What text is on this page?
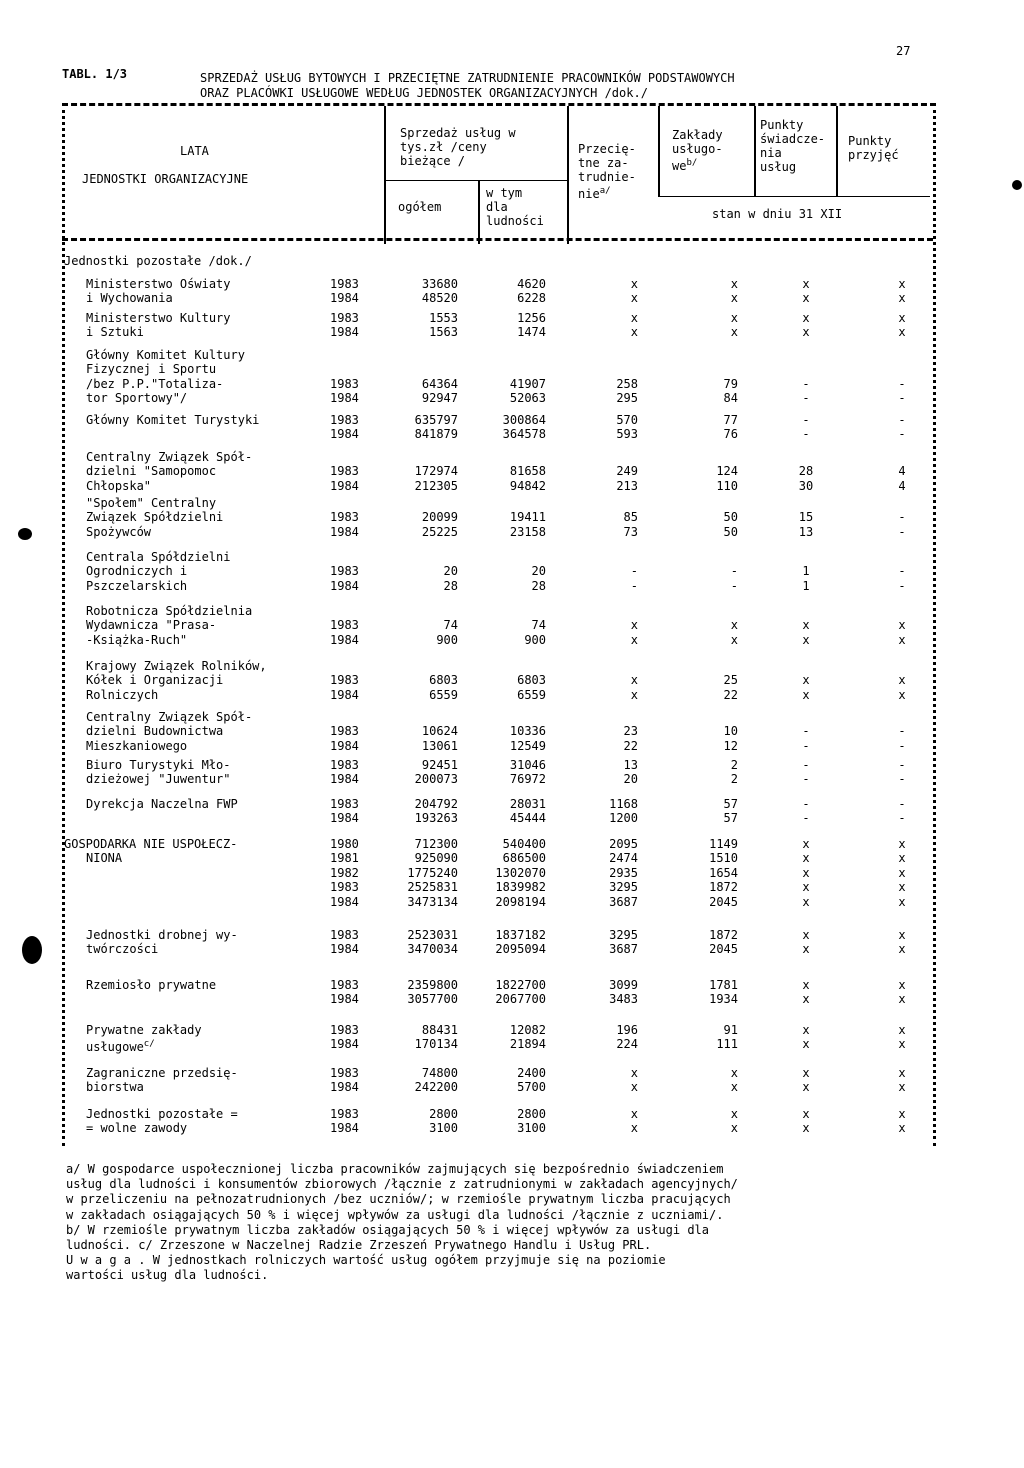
27
TABL. 1/3	SPRZEDAŻ USŁUG BYTOWYCH I PRZECIĘTNE ZATRUDNIENIE PRACOWNIKÓW PODSTAWOWYCH
ORAZ PLACÓWKI USŁUGOWE WEDŁUG JEDNOSTEK ORGANIZACYJNYCH /dok./
LATA
JEDNOSTKI ORGANIZACYJNE
Sprzedaż usług w
tys.zł /ceny
bieżące /
ogółem
w tym
dla
ludności
Przecię-
tne za-
trudnie-
nie$^{a/}$
Zakłady
usługo-
$we^{b/}$
Punkty
świadcze-
nia
usług
Punkty
przyjęć
stan w dniu 31 XII
Jednostki pozostałe /dok./
Ministerstwo Oświaty
i Wychowania
1983	33680	4620	x	x	x	x
1984	48520	6228	x	x	x	x
Ministerstwo Kultury
i Sztuki
1983	1553	1256	x	x	x	x
1984	1563	1474	x	x	x	x
Główny Komitet Kultury
Fizycznej i Sportu
/bez P.P."Totaliza-
tor Sportowy"/
1983	64364	41907	258	79	-	-
1984	92947	52063	295	84	-	-
Główny Komitet Turystyki	1983	635797	300864	570	77	-	-
1984	841879	364578	593	76	-	-
Centralny Związek Spół-
dzielni "Samopomoc
Chłopska"
1983	172974	81658	249	124	28	4
1984	212305	94842	213	110	30	4
"Społem" Centralny
Związek Spółdzielni
Spożywców
1983	20099	19411	85	50	15	-
1984	25225	23158	73	50	13	-
Centrala Spółdzielni
Ogrodniczych i
Pszczelarskich
1983	20	20	-	-	1	-
1984	28	28	-	-	1	-
Robotnicza Spółdzielnia
Wydawnicza "Prasa-
-Książka-Ruch"
1983	74	74	x	x	x	x
1984	900	900	x	x	x	x
Krajowy Związek Rolników,
Kółek i Organizacji
Rolniczych
1983	6803	6803	x	25	x	x
1984	6559	6559	x	22	x	x
Centralny Związek Spół-
dzielni Budownictwa
Mieszkaniowego
1983	10624	10336	23	10	-	-
1984	13061	12549	22	12	-	-
Biuro Turystyki Mło-
dzieżowej "Juwentur"
1983	92451	31046	13	2	-	-
1984	200073	76972	20	2	-	-
Dyrekcja Naczelna FWP	1983	204792	28031	1168	57	-	-
1984	193263	45444	1200	57	-	-
GOSPODARKA NIE USPOŁECZ-
NIONA
1980	712300	540400	2095	1149	x	x
1981	925090	686500	2474	1510	x	x
1982	1775240	1302070	2935	1654	x	x
1983	2525831	1839982	3295	1872	x	x
1984	3473134	2098194	3687	2045	x	x
Jednostki drobnej wy-
twórczości
1983	2523031	1837182	3295	1872	x	x
1984	3470034	2095094	3687	2045	x	x
Rzemiosło prywatne	1983	2359800	1822700	3099	1781	x	x
1984	3057700	2067700	3483	1934	x	x
Prywatne zakłady
usługowe$^{c/}$
1983	88431	12082	196	91	x	x
1984	170134	21894	224	111	x	x
Zagraniczne przedsię-
biorstwa
1983	74800	2400	x	x	x	x
1984	242200	5700	x	x	x	x
Jednostki pozostałe =
= wolne zawody
1983	2800	2800	x	x	x	x
1984	3100	3100	x	x	x	x
a/ W gospodarce uspołecznionej liczba pracowników zajmujących się bezpośrednio świadczeniem
usług dla ludności i konsumentów zbiorowych /łącznie z zatrudnionymi w zakładach agencyjnych/
w przeliczeniu na pełnozatrudnionych /bez uczniów/; w rzemiośle prywatnym liczba pracujących
w zakładach osiągających 50 % i więcej wpływów za usługi dla ludności /łącznie z uczniami/.
b/ W rzemiośle prywatnym liczba zakładów osiągających 50 % i więcej wpływów za usługi dla
ludności. c/ Zrzeszone w Naczelnej Radzie Zrzeszeń Prywatnego Handlu i Usług PRL.
U w a g a . W jednostkach rolniczych wartość usług ogółem przyjmuje się na poziomie
wartości usług dla ludności.
